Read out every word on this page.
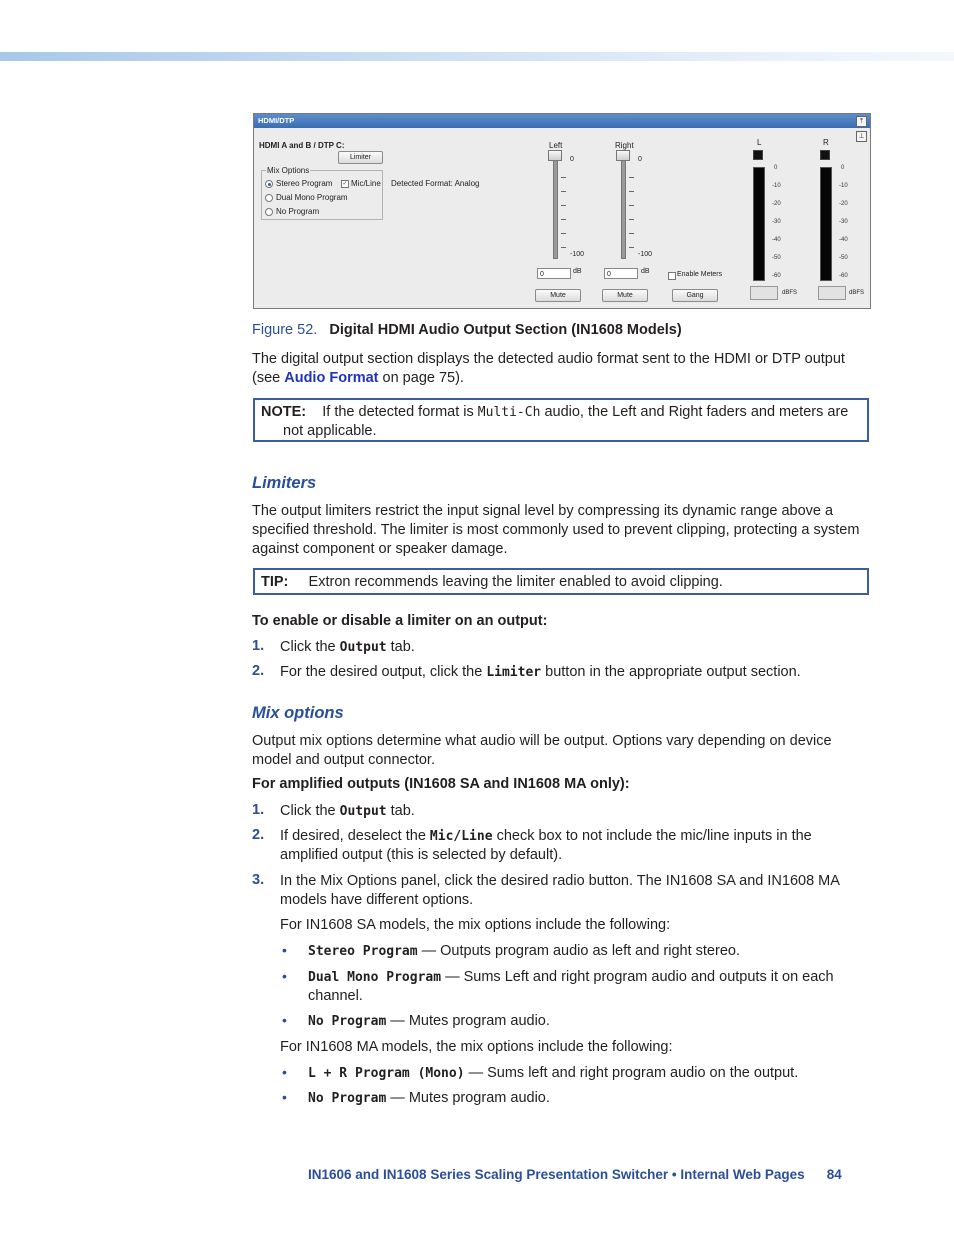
HDMI/DTP	⤒
⊥
HDMI A and B / DTP C:
Limiter
Mix Options
Stereo Program ✓ Mic/Line
Dual Mono Program
No Program
Detected Format: Analog
Left
0
-100
0	dB
Mute
Right
0
-100
0	dB	Enable Meters
Mute	Gang
L
0
-10
-20
-30
-40
-50
-60
dBFS
R
0
-10
-20
-30
-40
-50
-60
dBFS
Figure 52. Digital HDMI Audio Output Section (IN1608 Models)
The digital output section displays the detected audio format sent to the HDMI or DTP output (see Audio Format on page 75).
NOTE: If the detected format is Multi-Ch audio, the Left and Right faders and meters are not applicable.
Limiters
The output limiters restrict the input signal level by compressing its dynamic range above a specified threshold. The limiter is most commonly used to prevent clipping, protecting a system against component or speaker damage.
TIP: Extron recommends leaving the limiter enabled to avoid clipping.
To enable or disable a limiter on an output:
1. Click the Output tab.
2. For the desired output, click the Limiter button in the appropriate output section.
Mix options
Output mix options determine what audio will be output. Options vary depending on device model and output connector.
For amplified outputs (IN1608 SA and IN1608 MA only):
1. Click the Output tab.
2. If desired, deselect the Mic/Line check box to not include the mic/line inputs in the amplified output (this is selected by default).
3. In the Mix Options panel, click the desired radio button. The IN1608 SA and IN1608 MA models have different options.
For IN1608 SA models, the mix options include the following:
• Stereo Program — Outputs program audio as left and right stereo.
• Dual Mono Program — Sums Left and right program audio and outputs it on each channel.
• No Program — Mutes program audio.
For IN1608 MA models, the mix options include the following:
• L + R Program (Mono) — Sums left and right program audio on the output.
• No Program — Mutes program audio.
IN1606 and IN1608 Series Scaling Presentation Switcher • Internal Web Pages 84
